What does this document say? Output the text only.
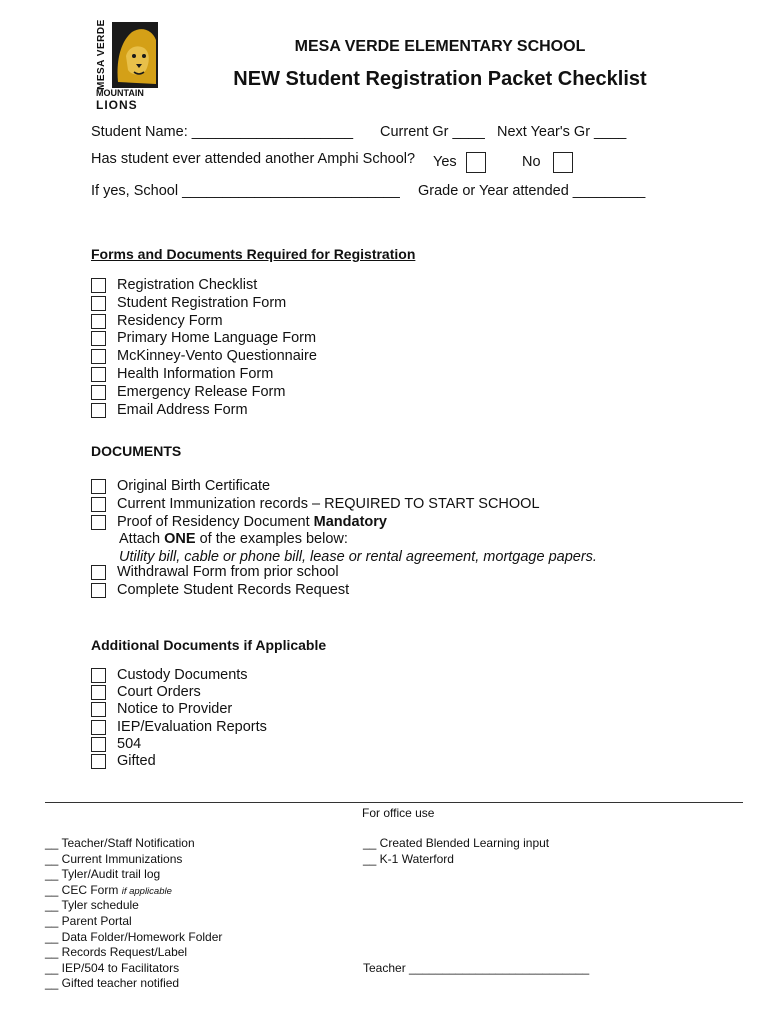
MESA VERDE
MOUNTAIN
LIONS
MESA VERDE ELEMENTARY SCHOOL
NEW Student Registration Packet Checklist
Student Name: ____________________ Current Gr ____ Next Year's Gr ____
Has student ever attended another Amphi School? Yes	No
If yes, School ___________________________ Grade or Year attended _________
Forms and Documents Required for Registration
Registration Checklist
Student Registration Form
Residency Form
Primary Home Language Form
McKinney-Vento Questionnaire
Health Information Form
Emergency Release Form
Email Address Form
DOCUMENTS
Original Birth Certificate
Current Immunization records – REQUIRED TO START SCHOOL
Proof of Residency Document Mandatory
Attach ONE of the examples below:
Utility bill, cable or phone bill, lease or rental agreement, mortgage papers.
Withdrawal Form from prior school
Complete Student Records Request
Additional Documents if Applicable
Custody Documents
Court Orders
Notice to Provider
IEP/Evaluation Reports
504
Gifted
For office use
__ Teacher/Staff Notification
__ Current Immunizations
__ Tyler/Audit trail log
__ CEC Form if applicable
__ Tyler schedule
__ Parent Portal
__ Data Folder/Homework Folder
__ Records Request/Label
__ IEP/504 to Facilitators
__ Gifted teacher notified
__ Created Blended Learning input
__ K-1 Waterford
Teacher ___________________________
